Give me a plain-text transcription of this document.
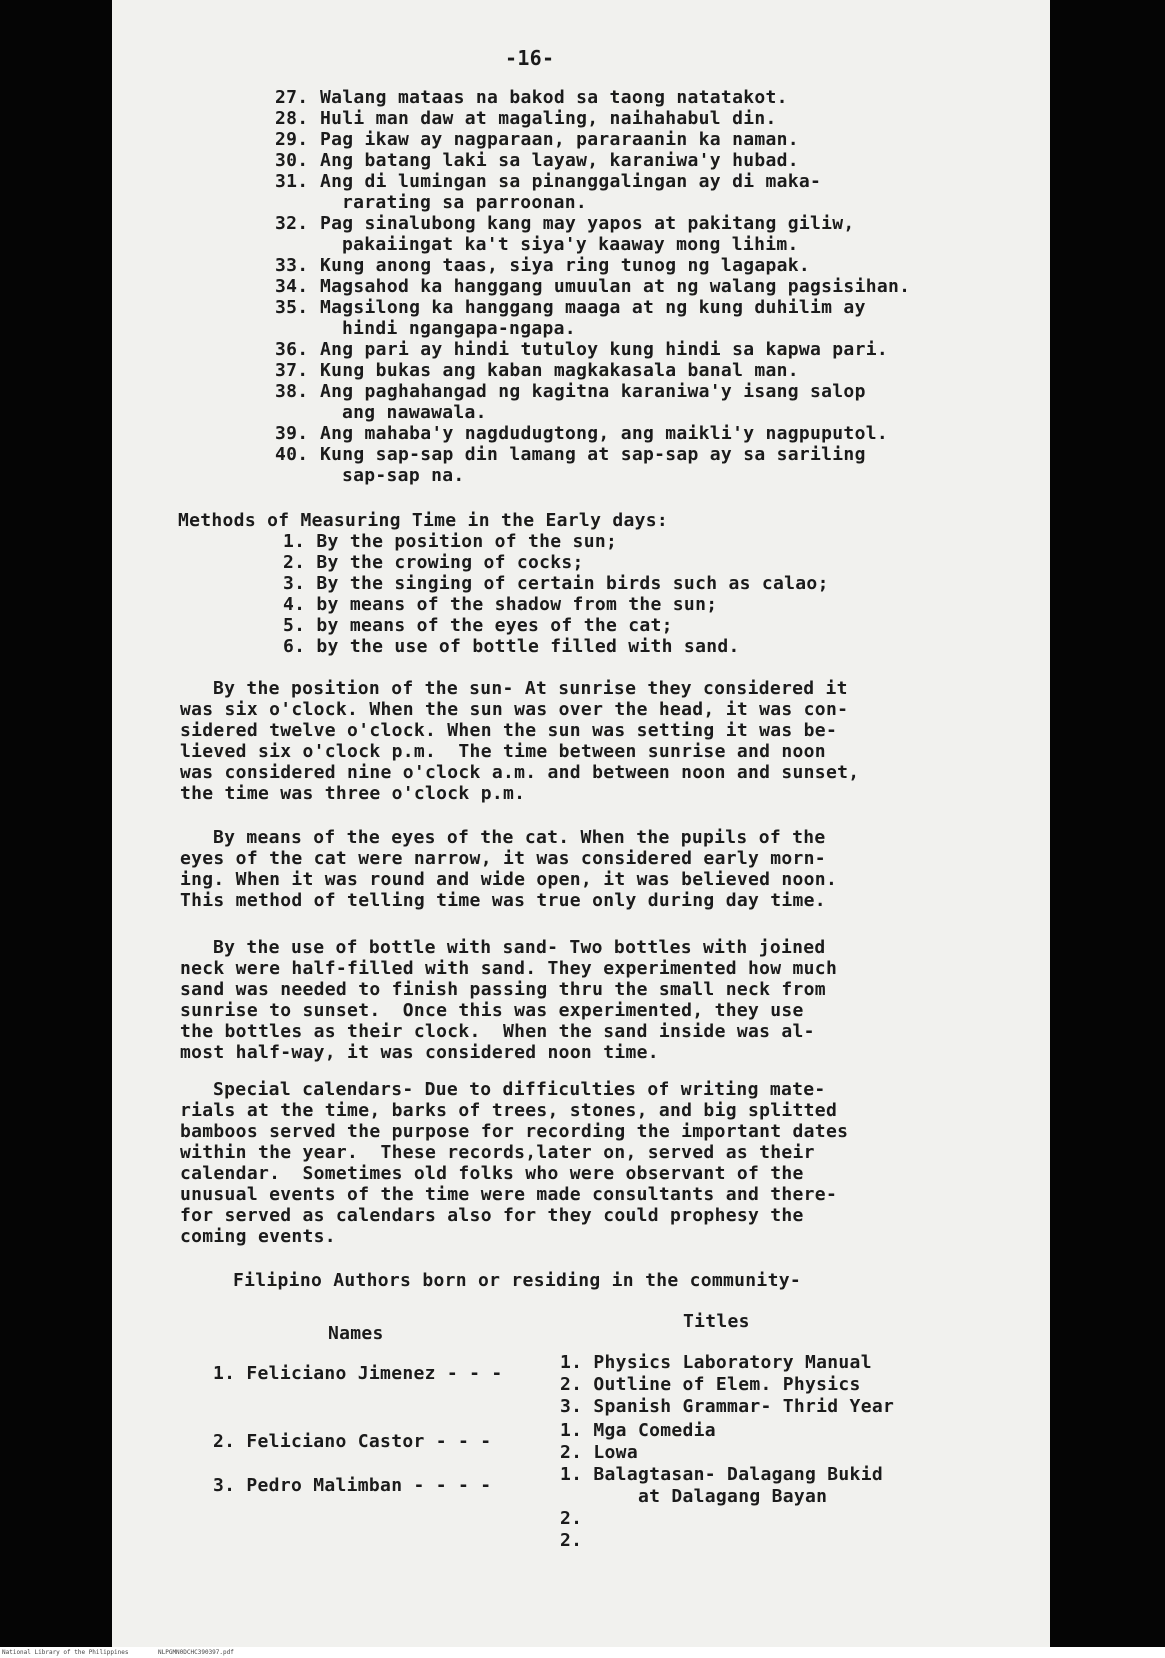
-16-
27. Walang mataas na bakod sa taong natatakot.
28. Huli man daw at magaling, naihahabul din.
29. Pag ikaw ay nagparaan, pararaanin ka naman.
30. Ang batang laki sa layaw, karaniwa'y hubad.
31. Ang di lumingan sa pinanggalingan ay di maka-
rarating sa parroonan.
32. Pag sinalubong kang may yapos at pakitang giliw,
pakaiingat ka't siya'y kaaway mong lihim.
33. Kung anong taas, siya ring tunog ng lagapak.
34. Magsahod ka hanggang umuulan at ng walang pagsisihan.
35. Magsilong ka hanggang maaga at ng kung duhilim ay
hindi ngangapa-ngapa.
36. Ang pari ay hindi tutuloy kung hindi sa kapwa pari.
37. Kung bukas ang kaban magkakasala banal man.
38. Ang paghahangad ng kagitna karaniwa'y isang salop
ang nawawala.
39. Ang mahaba'y nagdudugtong, ang maikli'y nagpuputol.
40. Kung sap-sap din lamang at sap-sap ay sa sariling
sap-sap na.
Methods of Measuring Time in the Early days:
1. By the position of the sun;
2. By the crowing of cocks;
3. By the singing of certain birds such as calao;
4. by means of the shadow from the sun;
5. by means of the eyes of the cat;
6. by the use of bottle filled with sand.
By the position of the sun- At sunrise they considered it
was six o'clock. When the sun was over the head, it was con-
sidered twelve o'clock. When the sun was setting it was be-
lieved six o'clock p.m.  The time between sunrise and noon
was considered nine o'clock a.m. and between noon and sunset,
the time was three o'clock p.m.
By means of the eyes of the cat. When the pupils of the
eyes of the cat were narrow, it was considered early morn-
ing. When it was round and wide open, it was believed noon.
This method of telling time was true only during day time.
By the use of bottle with sand- Two bottles with joined
neck were half-filled with sand. They experimented how much
sand was needed to finish passing thru the small neck from
sunrise to sunset.  Once this was experimented, they use
the bottles as their clock.  When the sand inside was al-
most half-way, it was considered noon time.
Special calendars- Due to difficulties of writing mate-
rials at the time, barks of trees, stones, and big splitted
bamboos served the purpose for recording the important dates
within the year.  These records,later on, served as their
calendar.  Sometimes old folks who were observant of the
unusual events of the time were made consultants and there-
for served as calendars also for they could prophesy the
coming events.
Filipino Authors born or residing in the community-
Names
Titles
1. Feliciano Jimenez - - -
1. Physics Laboratory Manual
2. Outline of Elem. Physics
3. Spanish Grammar- Thrid Year
2. Feliciano Castor - - -
1. Mga Comedia
2. Lowa
3. Pedro Malimban - - - -
1. Balagtasan- Dalagang Bukid
at Dalagang Bayan
2.
2.
National Library of the Philippines	NLPGMN0DCHC390397.pdf
